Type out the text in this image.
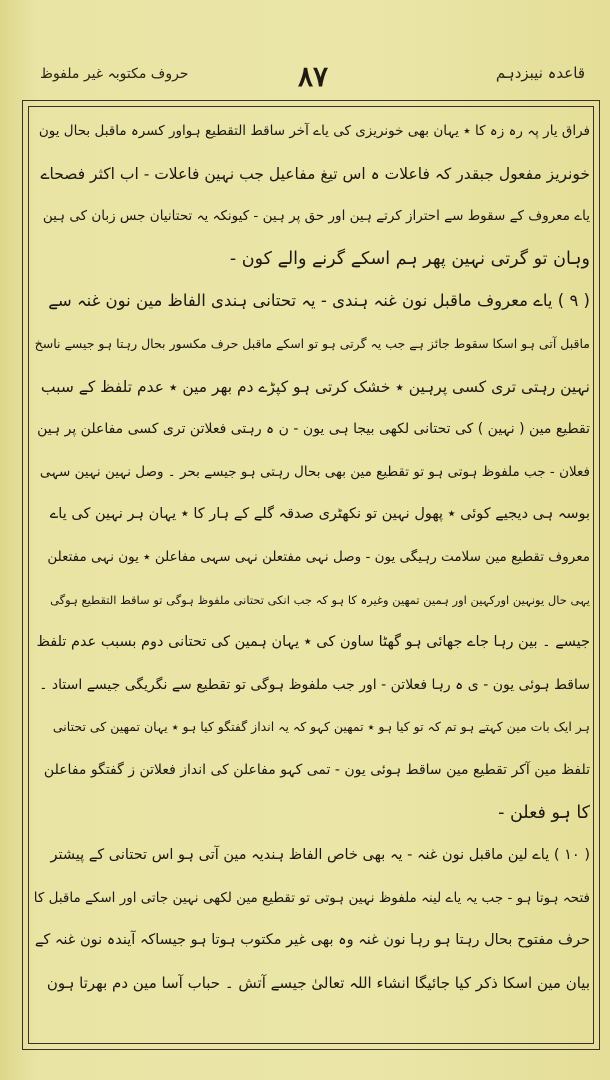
حروف مکتوبہ غیر ملفوظ	۸۷	قاعدہ نیبزدہم
فراق یار پہ رہ زہ کا ٭ یہان بھی خونریزی کی یاے آخر ساقط التقطیع ہواور کسرہ ماقبل بحال یون
خونریز مفعول جبقدر کہ فاعلات ہ اس تیغ مفاعیل جب نہین فاعلات - اب اکثر فصحاے
یاے معروف کے سقوط سے احتراز کرتے ہین اور حق پر ہین - کیونکہ یہ تحتانیان جس زبان کی ہین
وہان تو گرتی نہین پھر ہم اسکے گرنے والے کون -
( ۹ ) یاے معروف ماقبل نون غنہ ہندی - یہ تحتانی ہندی الفاظ مین نون غنہ سے
ماقبل آتی ہو اسکا سقوط جائز ہے جب یہ گرتی ہو تو اسکے ماقبل حرف مکسور بحال رہتا ہو جیسے ناسخ
نہین رہتی تری کسی پرہین ٭ خشک کرتی ہو کپڑے دم بھر مین ٭ عدم تلفظ کے سبب
تقطیع مین ( نہین ) کی تحتانی لکھی بیجا ہی یون - ن ہ رہتی فعلاتن تری کسی مفاعلن پر ہین
فعلان - جب ملفوظ ہوتی ہو تو تقطیع مین بھی بحال رہتی ہو جیسے بحر ۔ وصل نہین نہین سہی
بوسہ ہی دیجیے کوئی ٭ پھول نہین تو نکھٹری صدقہ گلے کے ہار کا ٭ یہان ہر نہین کی یاے
معروف تقطیع مین سلامت رہیگی یون - وصل نہی مفتعلن نہی سہی مفاعلن ٭ یون نہی مفتعلن
یہی حال یونہین اورکہین اور ہمین تمھین وغیرہ کا ہو کہ جب انکی تحتانی ملفوظ ہوگی تو ساقط التقطیع ہوگی
جیسے ۔ بین رہا جاے جھائی ہو گھٹا ساون کی ٭ یہان ہمین کی تحتانی دوم بسبب عدم تلفظ
ساقط ہوئی یون - ی ہ رہا فعلاتن - اور جب ملفوظ ہوگی تو تقطیع سے نگریگی جیسے استاد ۔
ہر ایک بات مین کہتے ہو تم کہ تو کیا ہو ٭ تمھین کہو کہ یہ انداز گفتگو کیا ہو ٭ یہان تمھین کی تحتانی
تلفظ مین آکر تقطیع مین ساقط ہوئی یون - تمی کہو مفاعلن کی انداز فعلاتن ز گفتگو مفاعلن
کا ہو فعلن -
( ۱۰ ) یاے لین ماقبل نون غنہ - یہ بھی خاص الفاظ ہندیہ مین آتی ہو اس تحتانی کے پیشتر
فتحہ ہوتا ہو - جب یہ یاے لینہ ملفوظ نہین ہوتی تو تقطیع مین لکھی نہین جاتی اور اسکے ماقبل کا
حرف مفتوح بحال رہتا ہو رہا نون غنہ وہ بھی غیر مکتوب ہوتا ہو جیساکہ آیندہ نون غنہ کے
بیان مین اسکا ذکر کیا جائیگا انشاء اللہ تعالیٰ جیسے آتش ۔ حباب آسا مین دم بھرتا ہون
